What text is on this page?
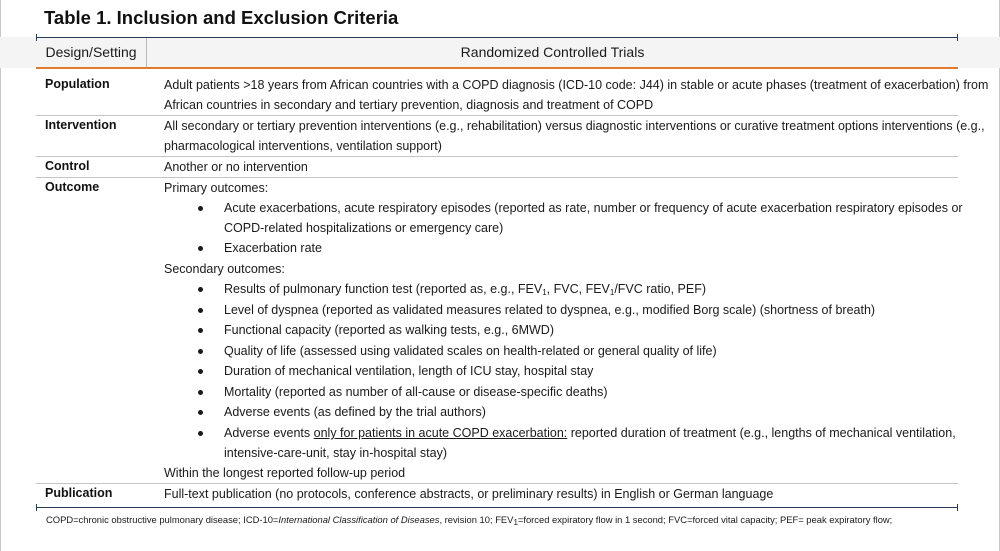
Table 1. Inclusion and Exclusion Criteria
Design/Setting	Randomized Controlled Trials
Population	Adult patients >18 years from African countries with a COPD diagnosis (ICD-10 code: J44) in stable or acute phases (treatment of exacerbation) from
African countries in secondary and tertiary prevention, diagnosis and treatment of COPD
Intervention	All secondary or tertiary prevention interventions (e.g., rehabilitation) versus diagnostic interventions or curative treatment options interventions (e.g.,
pharmacological interventions, ventilation support)
Control	Another or no intervention
Outcome	Primary outcomes:
Acute exacerbations, acute respiratory episodes (reported as rate, number or frequency of acute exacerbation respiratory episodes or
COPD-related hospitalizations or emergency care)
Exacerbation rate
Secondary outcomes:
Results of pulmonary function test (reported as, e.g., $FEV_1$, FVC, $FEV_1$/FVC ratio, PEF)
Level of dyspnea (reported as validated measures related to dyspnea, e.g., modified Borg scale) (shortness of breath)
Functional capacity (reported as walking tests, e.g., 6MWD)
Quality of life (assessed using validated scales on health-related or general quality of life)
Duration of mechanical ventilation, length of ICU stay, hospital stay
Mortality (reported as number of all-cause or disease-specific deaths)
Adverse events (as defined by the trial authors)
Adverse events only for patients in acute COPD exacerbation: reported duration of treatment (e.g., lengths of mechanical ventilation,
intensive-care-unit, stay in-hospital stay)
Within the longest reported follow-up period
Publication	Full-text publication (no protocols, conference abstracts, or preliminary results) in English or German language
COPD=chronic obstructive pulmonary disease; ICD-10=International Classification of Diseases, revision 10; $FEV_1=forced$ expiratory flow in 1 second; FVC=forced vital capacity; PEF= peak expiratory flow;
